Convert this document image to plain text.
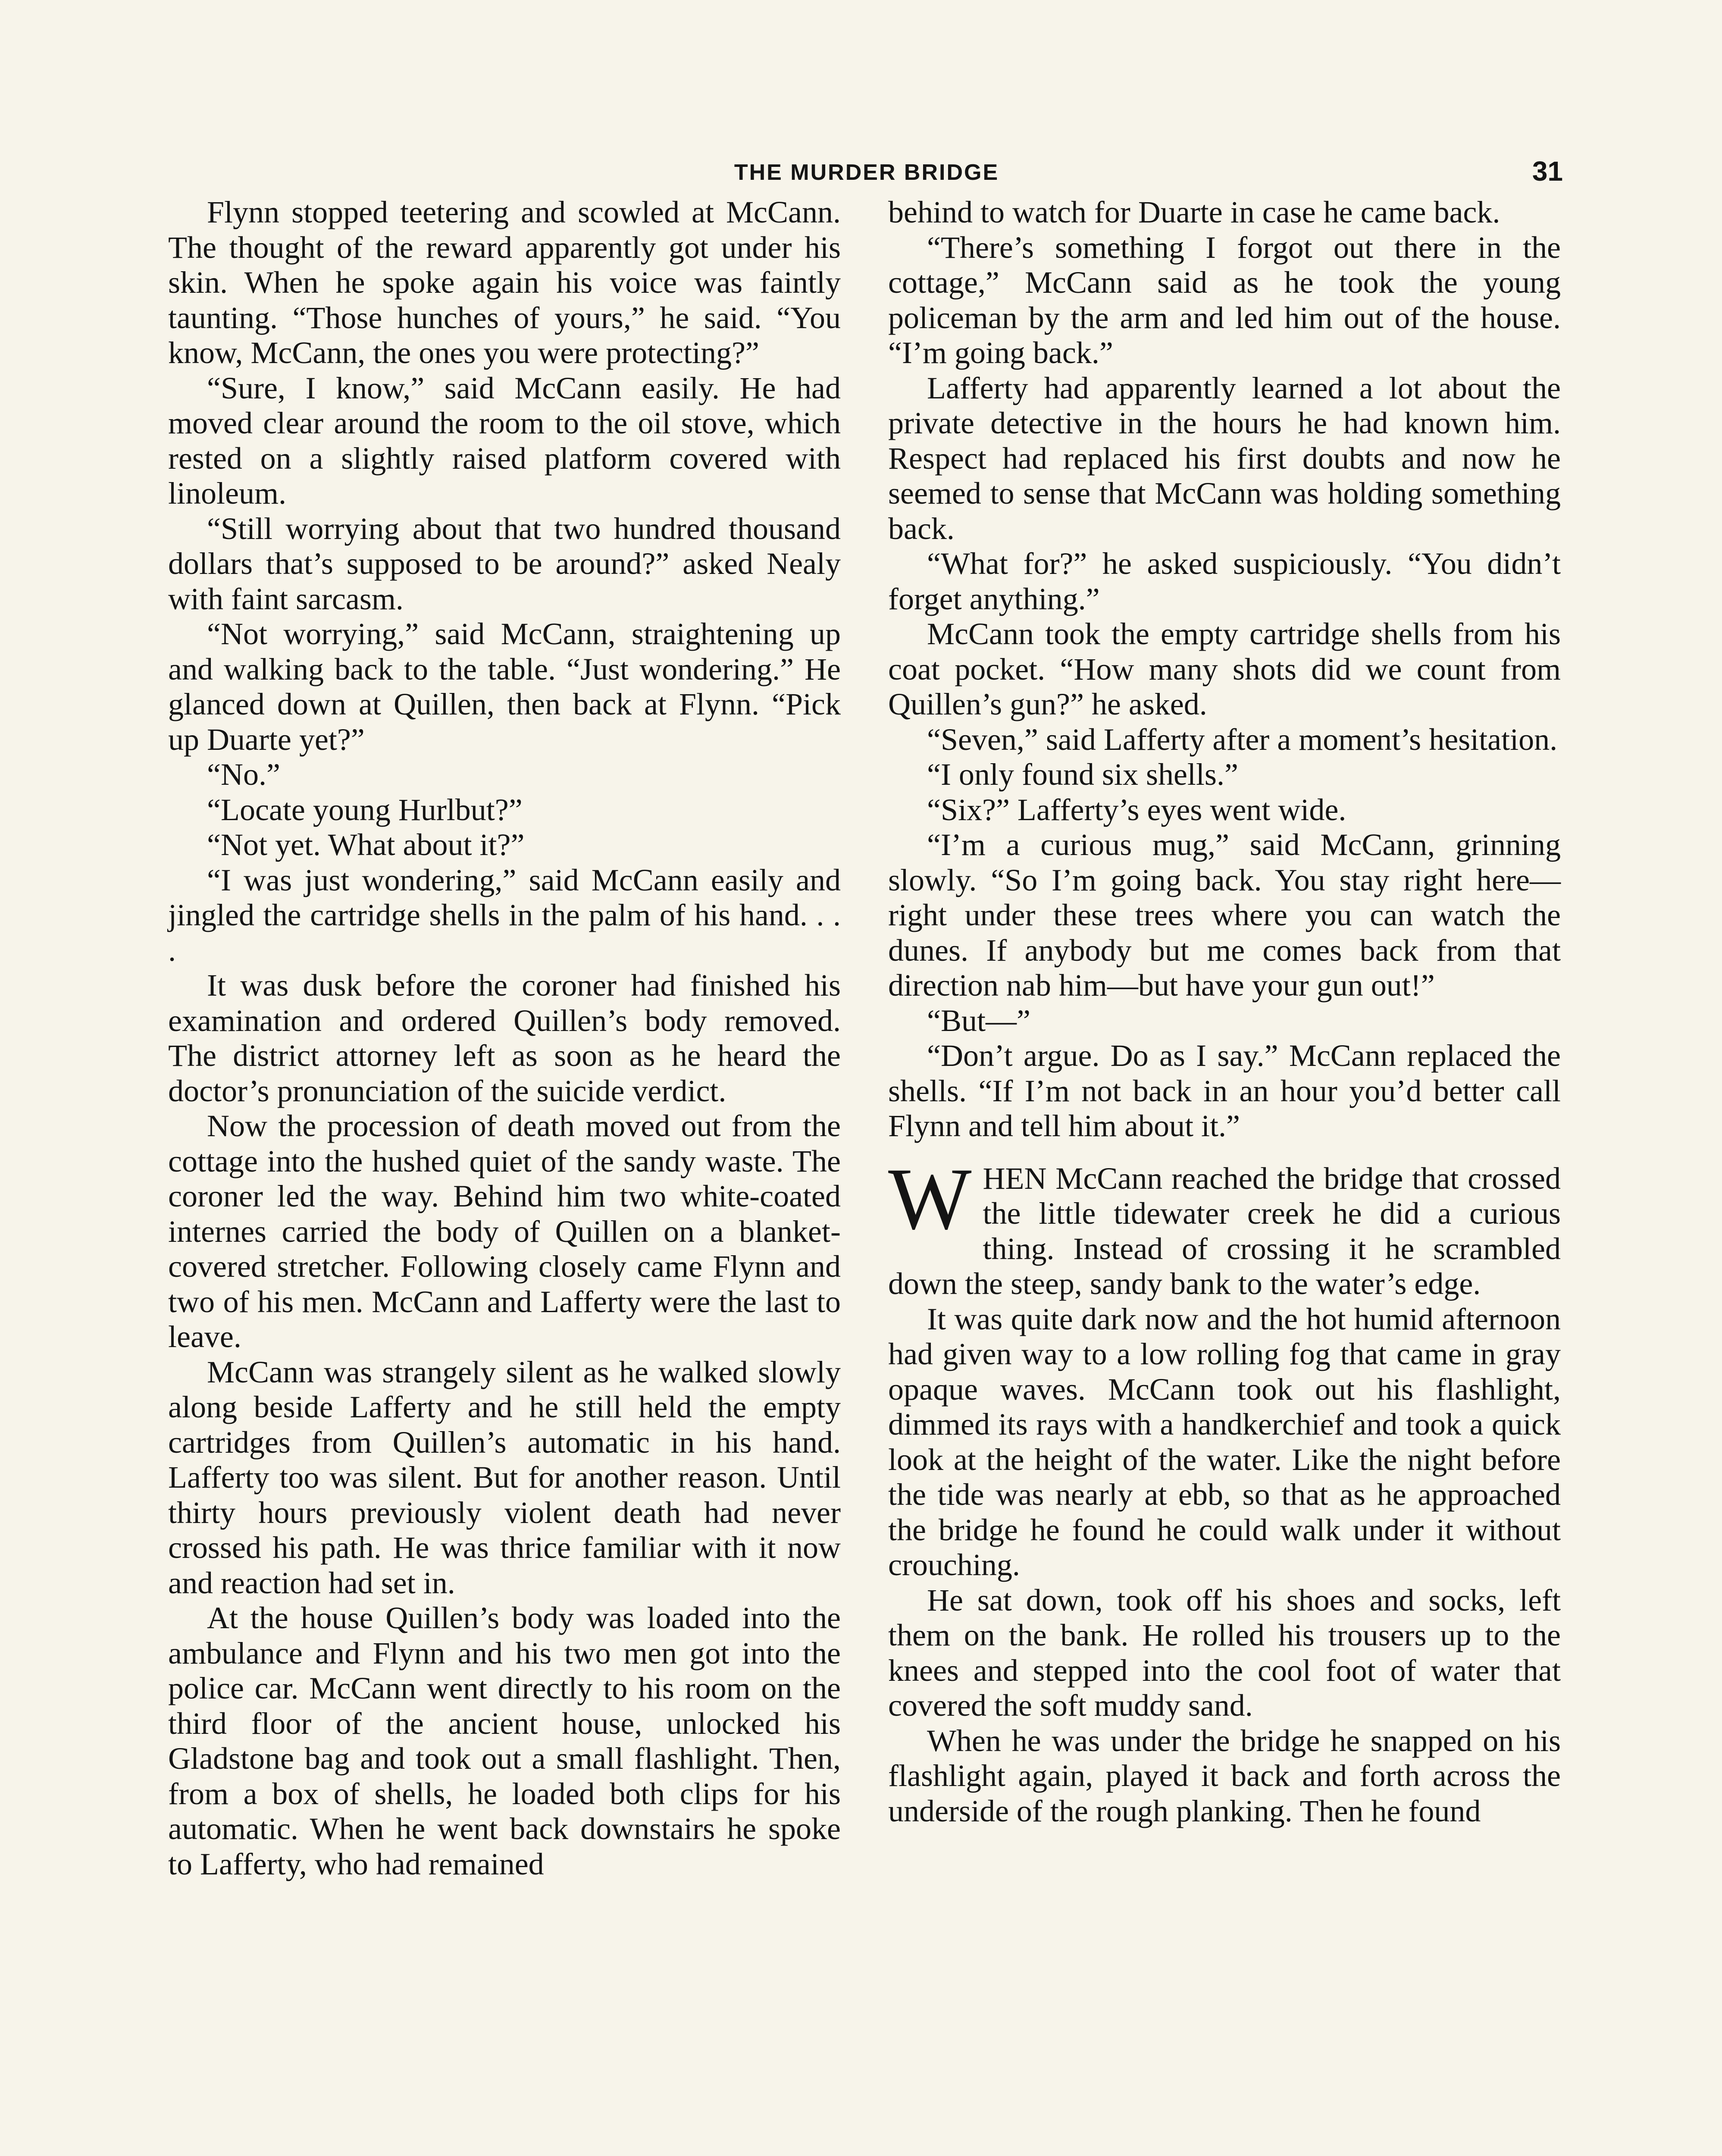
THE MURDER BRIDGE	31

Flynn stopped teetering and scowled at McCann. The thought of the reward apparently got under his skin. When he spoke again his voice was faintly taunting. “Those hunches of yours,” he said. “You know, McCann, the ones you were protecting?”

“Sure, I know,” said McCann easily. He had moved clear around the room to the oil stove, which rested on a slightly raised platform covered with linoleum.

“Still worrying about that two hundred thousand dollars that’s supposed to be around?” asked Nealy with faint sarcasm.

“Not worrying,” said McCann, straightening up and walking back to the table. “Just wondering.” He glanced down at Quillen, then back at Flynn. “Pick up Duarte yet?”

“No.”

“Locate young Hurlbut?”

“Not yet. What about it?”

“I was just wondering,” said McCann easily and jingled the cartridge shells in the palm of his hand. . . .

It was dusk before the coroner had finished his examination and ordered Quillen’s body removed. The district attorney left as soon as he heard the doctor’s pronunciation of the suicide verdict.

Now the procession of death moved out from the cottage into the hushed quiet of the sandy waste. The coroner led the way. Behind him two white-coated internes carried the body of Quillen on a blanket-covered stretcher. Following closely came Flynn and two of his men. McCann and Lafferty were the last to leave.

McCann was strangely silent as he walked slowly along beside Lafferty and he still held the empty cartridges from Quillen’s automatic in his hand. Lafferty too was silent. But for another reason. Until thirty hours previously violent death had never crossed his path. He was thrice familiar with it now and reaction had set in.

At the house Quillen’s body was loaded into the ambulance and Flynn and his two men got into the police car. McCann went directly to his room on the third floor of the ancient house, unlocked his Gladstone bag and took out a small flashlight. Then, from a box of shells, he loaded both clips for his automatic. When he went back downstairs he spoke to Lafferty, who had remained

behind to watch for Duarte in case he came back.

“There’s something I forgot out there in the cottage,” McCann said as he took the young policeman by the arm and led him out of the house. “I’m going back.”

Lafferty had apparently learned a lot about the private detective in the hours he had known him. Respect had replaced his first doubts and now he seemed to sense that McCann was holding something back.

“What for?” he asked suspiciously. “You didn’t forget anything.”

McCann took the empty cartridge shells from his coat pocket. “How many shots did we count from Quillen’s gun?” he asked.

“Seven,” said Lafferty after a moment’s hesitation.

“I only found six shells.”

“Six?” Lafferty’s eyes went wide.

“I’m a curious mug,” said McCann, grinning slowly. “So I’m going back. You stay right here—right under these trees where you can watch the dunes. If anybody but me comes back from that direction nab him—but have your gun out!”

“But—”

“Don’t argue. Do as I say.” McCann replaced the shells. “If I’m not back in an hour you’d better call Flynn and tell him about it.”

WHEN McCann reached the bridge that crossed the little tidewater creek he did a curious thing. Instead of crossing it he scrambled down the steep, sandy bank to the water’s edge.

It was quite dark now and the hot humid afternoon had given way to a low rolling fog that came in gray opaque waves. McCann took out his flashlight, dimmed its rays with a handkerchief and took a quick look at the height of the water. Like the night before the tide was nearly at ebb, so that as he approached the bridge he found he could walk under it without crouching.

He sat down, took off his shoes and socks, left them on the bank. He rolled his trousers up to the knees and stepped into the cool foot of water that covered the soft muddy sand.

When he was under the bridge he snapped on his flashlight again, played it back and forth across the underside of the rough planking. Then he found
